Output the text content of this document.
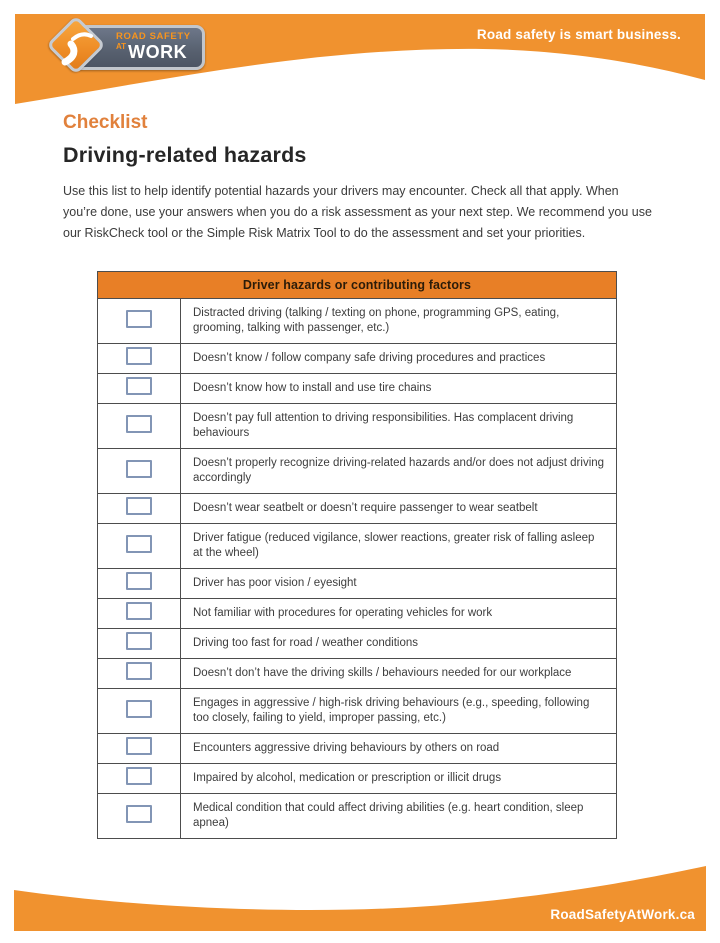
Road safety is smart business.
ROAD SAFETY
$^{AT}$ WORK
Checklist
Driving-related hazards

Use this list to help identify potential hazards your drivers may encounter. Check all that apply. When you’re done, use your answers when you do a risk assessment as your next step. We recommend you use our RiskCheck tool or the Simple Risk Matrix Tool to do the assessment and set your priorities.

Driver hazards or contributing factors	
	Distracted driving (talking / texting on phone, programming GPS, eating, grooming, talking with passenger, etc.)
	Doesn’t know / follow company safe driving procedures and practices
	Doesn’t know how to install and use tire chains
	Doesn’t pay full attention to driving responsibilities. Has complacent driving behaviours
	Doesn’t properly recognize driving-related hazards and/or does not adjust driving accordingly
	Doesn’t wear seatbelt or doesn’t require passenger to wear seatbelt
	Driver fatigue (reduced vigilance, slower reactions, greater risk of falling asleep at the wheel)
	Driver has poor vision / eyesight
	Not familiar with procedures for operating vehicles for work
	Driving too fast for road / weather conditions
	Doesn’t don’t have the driving skills / behaviours needed for our workplace
	Engages in aggressive / high-risk driving behaviours (e.g., speeding, following too closely, failing to yield, improper passing, etc.)
	Encounters aggressive driving behaviours by others on road
	Impaired by alcohol, medication or prescription or illicit drugs
	Medical condition that could affect driving abilities (e.g. heart condition, sleep apnea)
RoadSafetyAtWork.ca
